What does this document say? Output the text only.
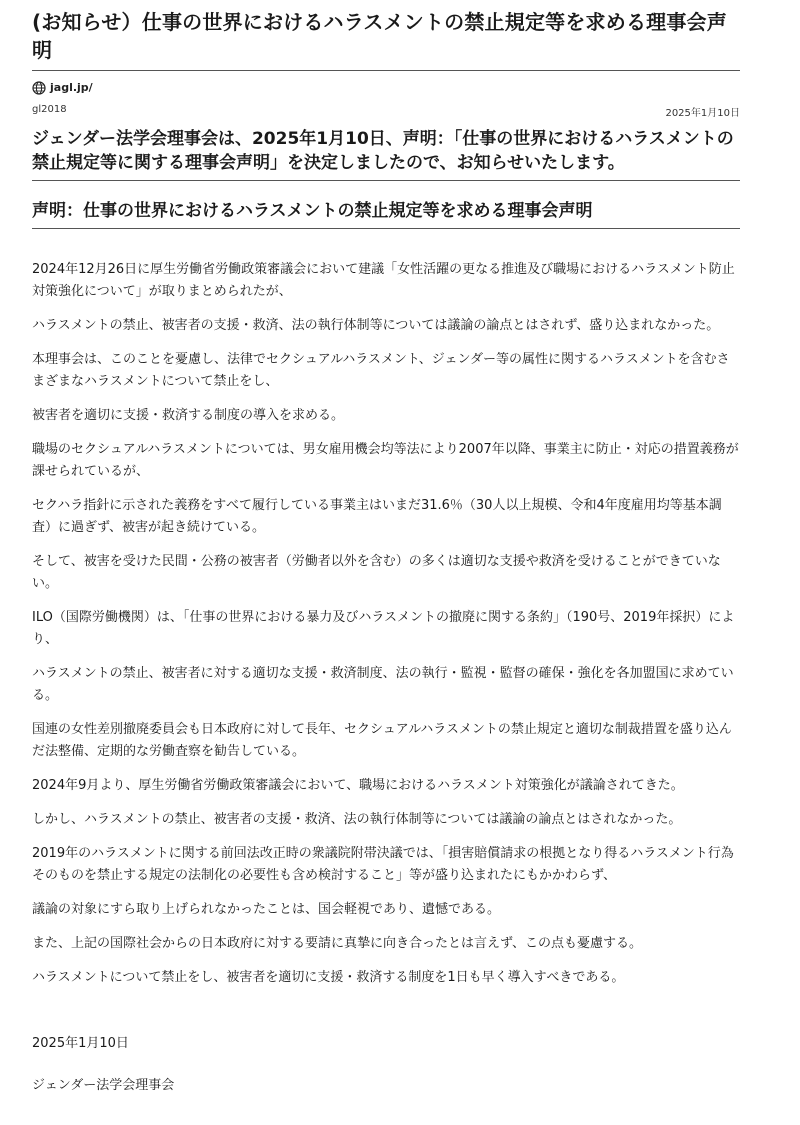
(お知らせ）仕事の世界におけるハラスメントの禁止規定等を求める理事会声明
jagl.jp/
gl2018	2025年1月10日
ジェンダー法学会理事会は、2025年1月10日、声明：「仕事の世界におけるハラスメントの禁止規定等に関する理事会声明」を決定しましたので、お知らせいたします。
声明：仕事の世界におけるハラスメントの禁止規定等を求める理事会声明

2024年12月26日に厚生労働省労働政策審議会において建議「女性活躍の更なる推進及び職場におけるハラスメント防止対策強化について」が取りまとめられたが、

ハラスメントの禁止、被害者の支援・救済、法の執行体制等については議論の論点とはされず、盛り込まれなかった。

本理事会は、このことを憂慮し、法律でセクシュアルハラスメント、ジェンダー等の属性に関するハラスメントを含むさまざまなハラスメントについて禁止をし、

被害者を適切に支援・救済する制度の導入を求める。

職場のセクシュアルハラスメントについては、男女雇用機会均等法により2007年以降、事業主に防止・対応の措置義務が課せられているが、

セクハラ指針に示された義務をすべて履行している事業主はいまだ31.6％（30人以上規模、令和4年度雇用均等基本調査）に過ぎず、被害が起き続けている。

そして、被害を受けた民間・公務の被害者（労働者以外を含む）の多くは適切な支援や救済を受けることができていない。

ILO（国際労働機関）は、「仕事の世界における暴力及びハラスメントの撤廃に関する条約」（190号、2019年採択）により、

ハラスメントの禁止、被害者に対する適切な支援・救済制度、法の執行・監視・監督の確保・強化を各加盟国に求めている。

国連の女性差別撤廃委員会も日本政府に対して長年、セクシュアルハラスメントの禁止規定と適切な制裁措置を盛り込んだ法整備、定期的な労働査察を勧告している。

2024年9月より、厚生労働省労働政策審議会において、職場におけるハラスメント対策強化が議論されてきた。

しかし、ハラスメントの禁止、被害者の支援・救済、法の執行体制等については議論の論点とはされなかった。

2019年のハラスメントに関する前回法改正時の衆議院附帯決議では、「損害賠償請求の根拠となり得るハラスメント行為そのものを禁止する規定の法制化の必要性も含め検討すること」等が盛り込まれたにもかかわらず、

議論の対象にすら取り上げられなかったことは、国会軽視であり、遺憾である。

また、上記の国際社会からの日本政府に対する要請に真摯に向き合ったとは言えず、この点も憂慮する。

ハラスメントについて禁止をし、被害者を適切に支援・救済する制度を1日も早く導入すべきである。

2025年1月10日

ジェンダー法学会理事会
